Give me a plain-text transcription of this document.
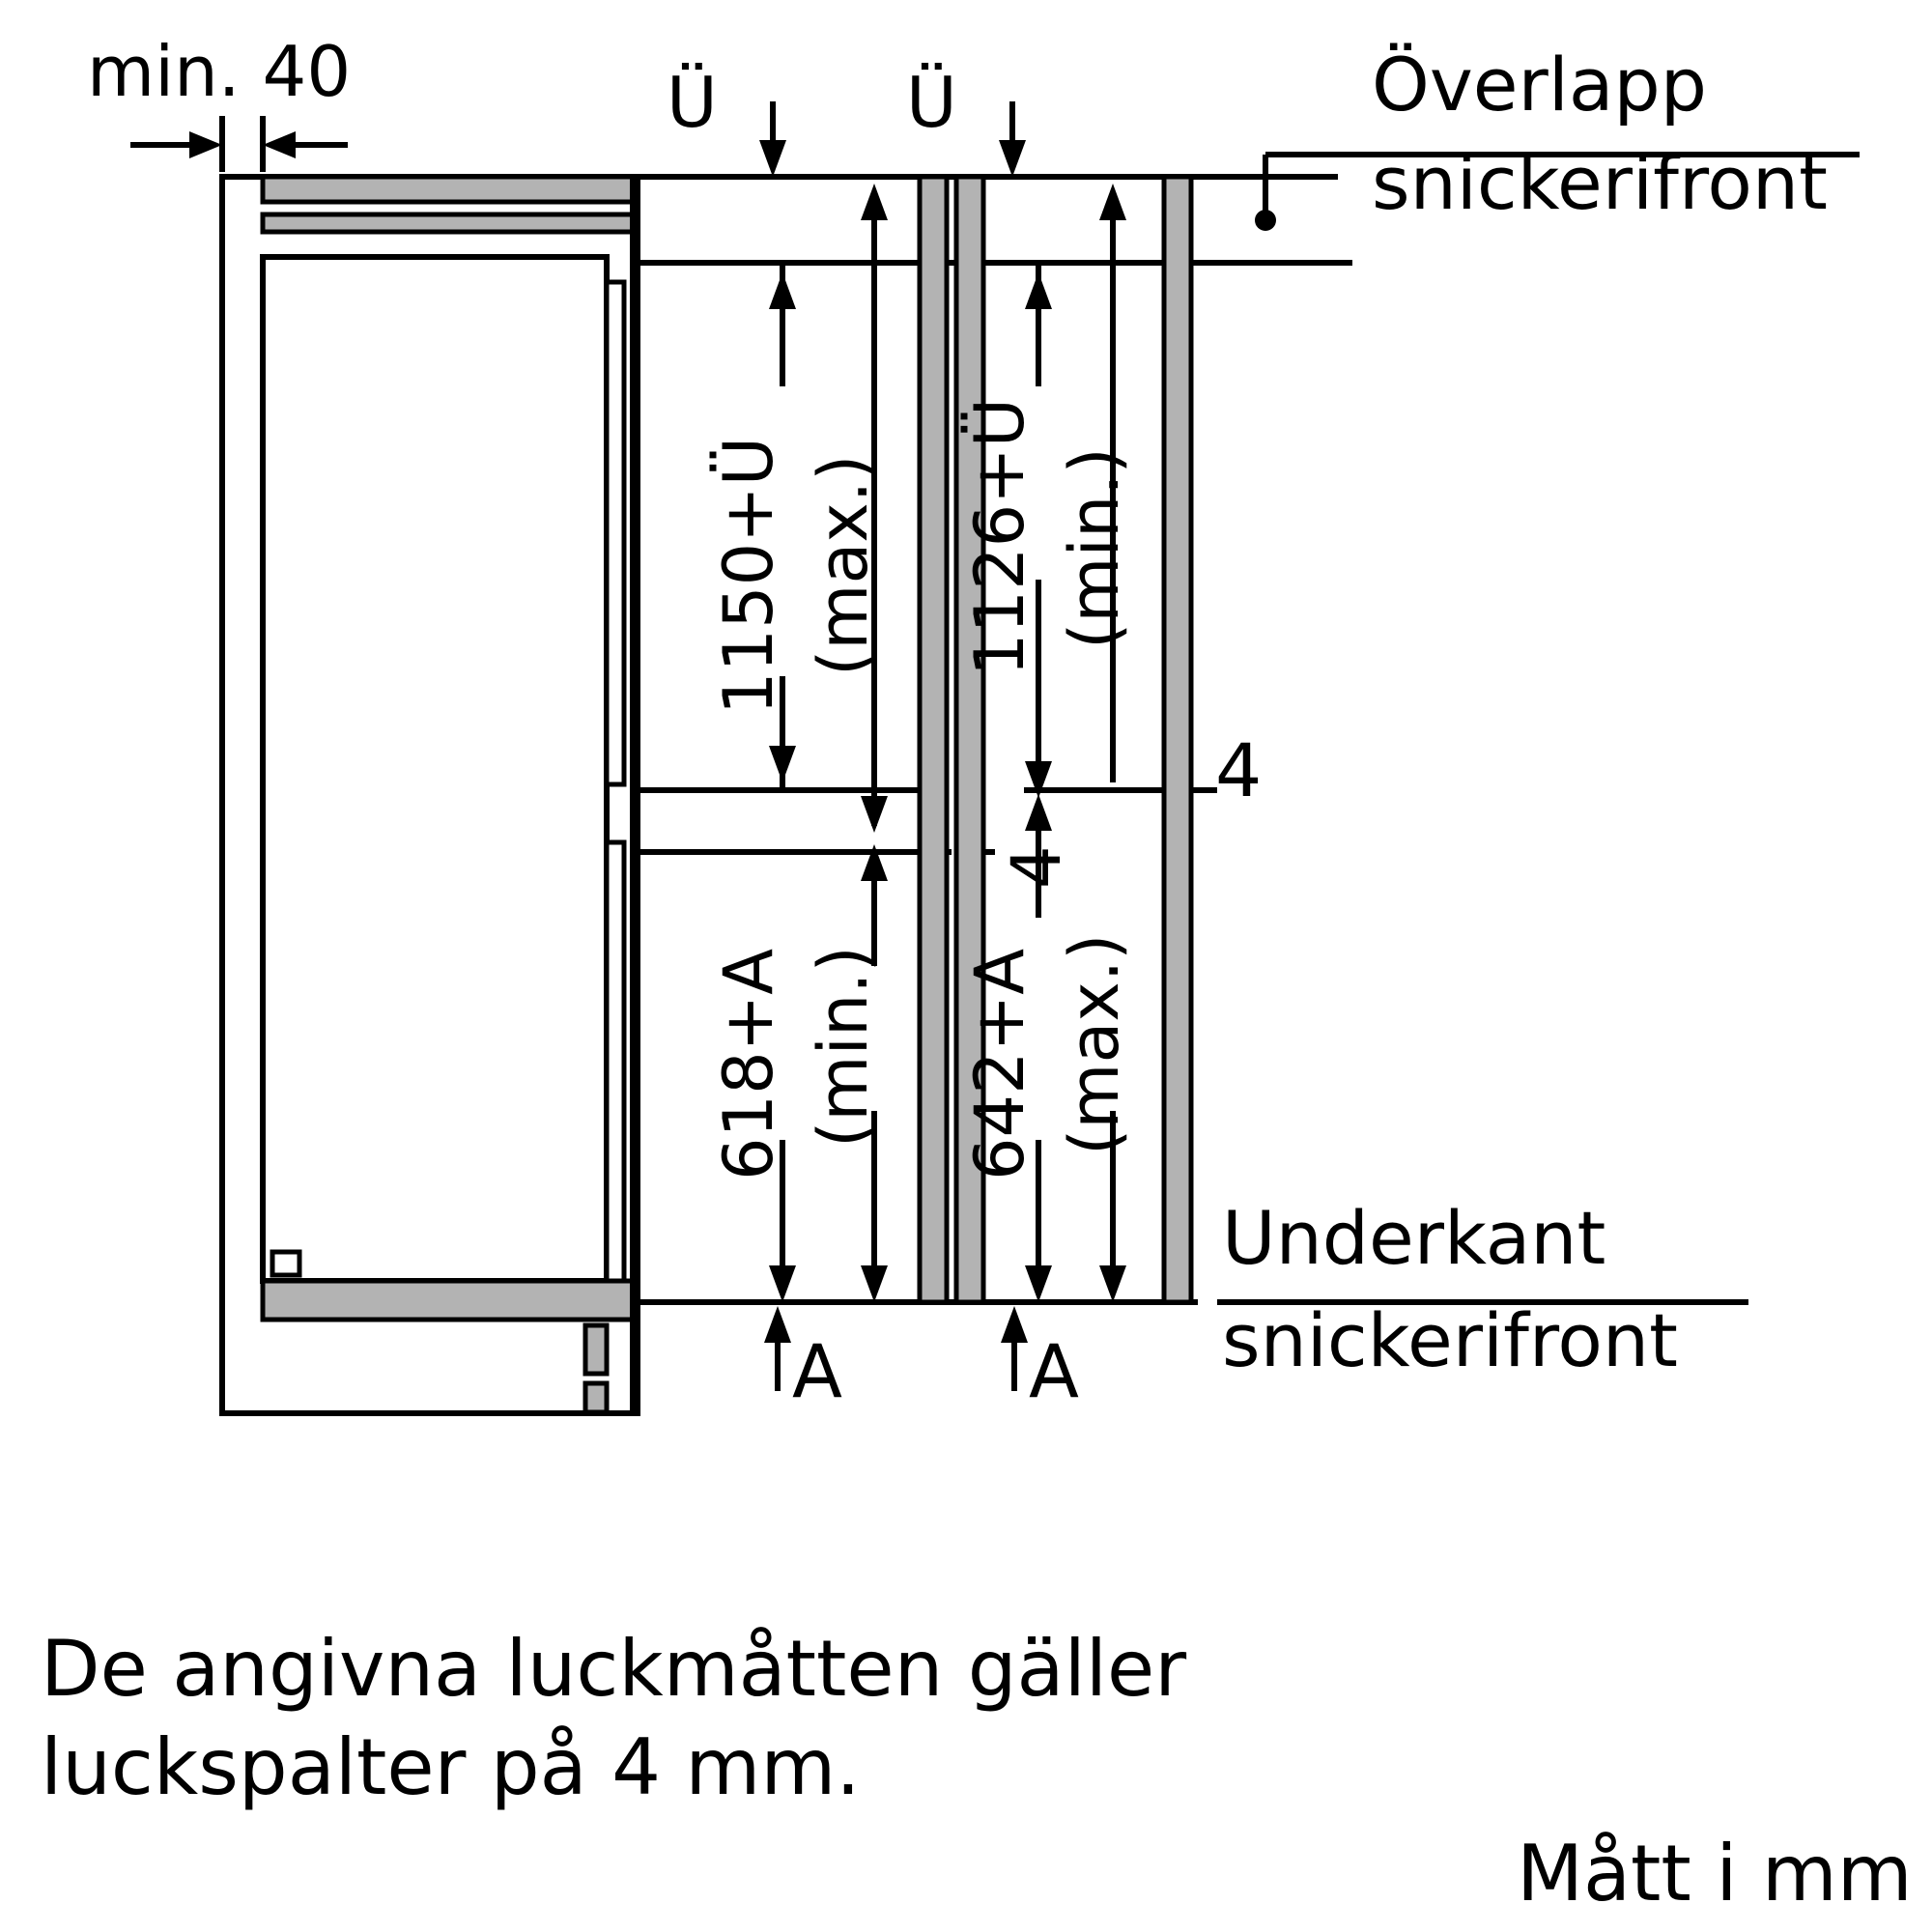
min. 40	Ü	Ü	Överlapp
snickerifront
1150+Ü (max.) 1126+Ü (min.)
618+A (min.) 642+A (max.)
4
4
A	A
Underkant
snickerifront
De angivna luckmåtten gäller
luckspalter på 4 mm.
Mått i mm
